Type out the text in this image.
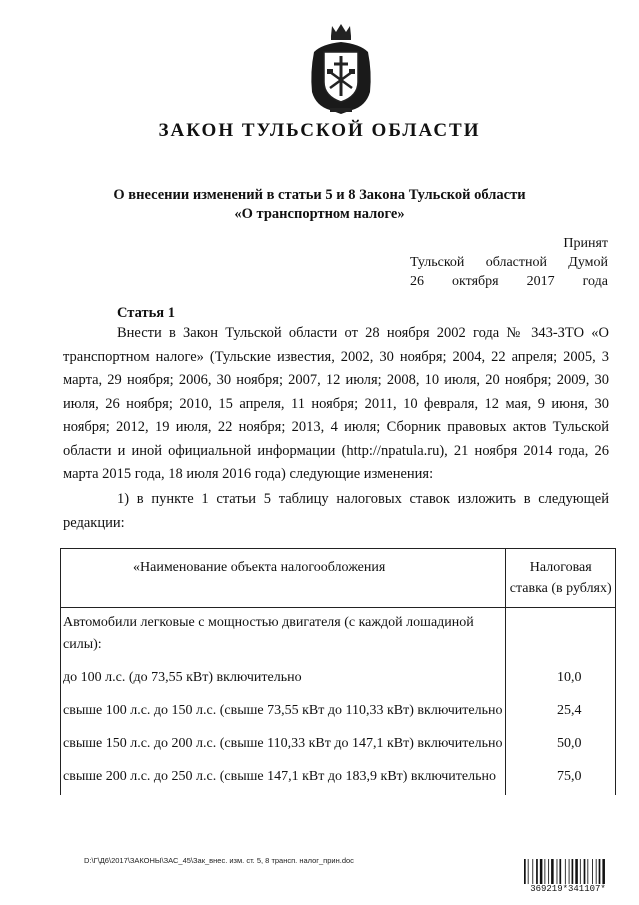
ЗАКОН ТУЛЬСКОЙ ОБЛАСТИ
О внесении изменений в статьи 5 и 8 Закона Тульской области
«О транспортном налоге»
Принят
Тульской областной Думой
26 октября 2017 года
Статья 1

Внести в Закон Тульской области от 28 ноября 2002 года № 343-ЗТО «О транспортном налоге» (Тульские известия, 2002, 30 ноября; 2004, 22 апреля; 2005, 3 марта, 29 ноября; 2006, 30 ноября; 2007, 12 июля; 2008, 10 июля, 20 ноября; 2009, 30 июля, 26 ноября; 2010, 15 апреля, 11 ноября; 2011, 10 февраля, 12 мая, 9 июня, 30 ноября; 2012, 19 июля, 22 ноября; 2013, 4 июля; Сборник правовых актов Тульской области и иной официальной информации (http://npatula.ru), 21 ноября 2014 года, 26 марта 2015 года, 18 июля 2016 года) следующие изменения:

1) в пункте 1 статьи 5 таблицу налоговых ставок изложить в следующей редакции:

«Наименование объекта налогообложения	Налоговая
ставка (в рублях)

Автомобили легковые с мощностью двигателя (с каждой лошадиной силы):	
до 100 л.с. (до 73,55 кВт) включительно	10,0
свыше 100 л.с. до 150 л.с. (свыше 73,55 кВт до 110,33 кВт) включительно	25,4
свыше 150 л.с. до 200 л.с. (свыше 110,33 кВт до 147,1 кВт) включительно	50,0
свыше 200 л.с. до 250 л.с. (свыше 147,1 кВт до 183,9 кВт) включительно	75,0
D:\Г\Д6\2017\ЗАКОНЫ\ЗАС_45\Зак_внес. изм. ст. 5, 8 трансп. налог_прин.doc
369219*341107*
